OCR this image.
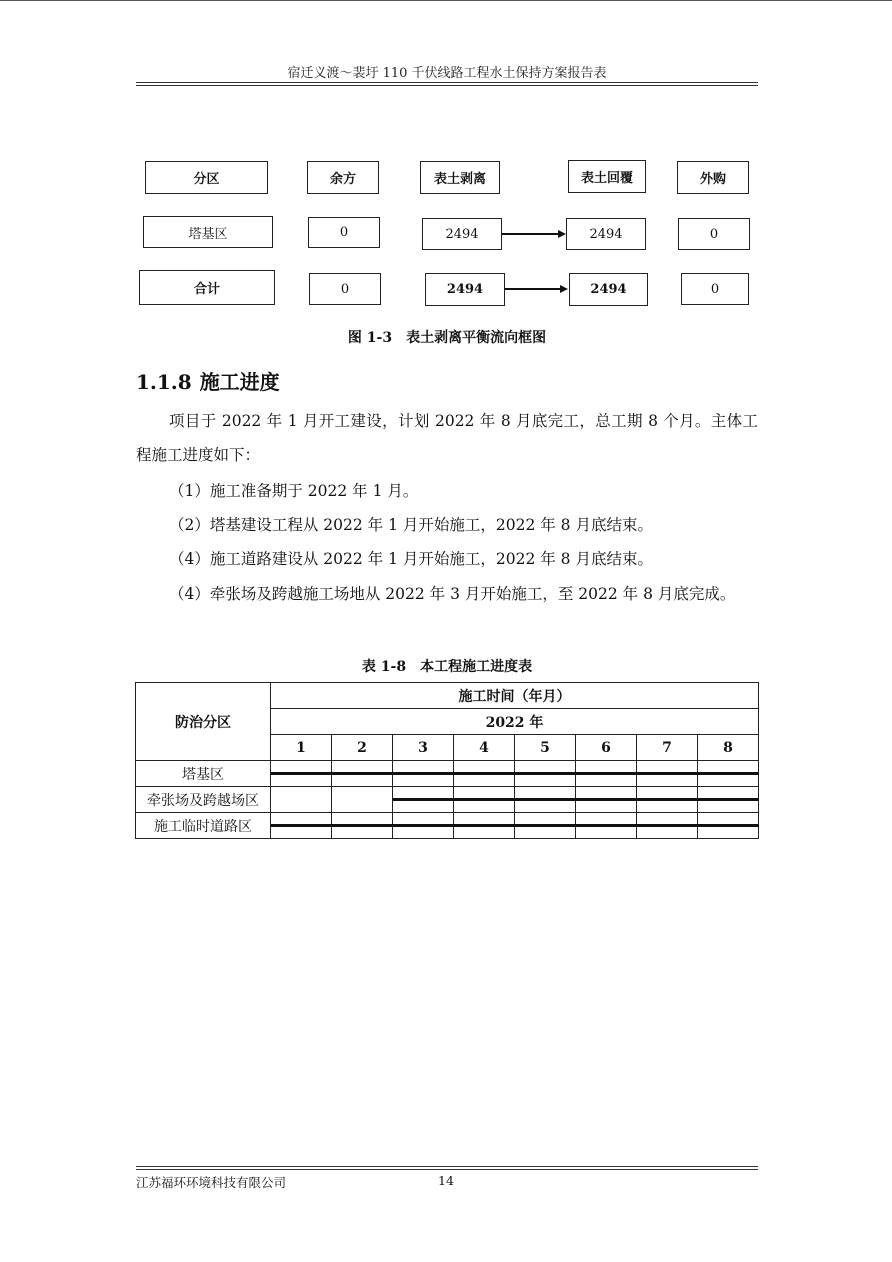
宿迁义渡～裴圩 110 千伏线路工程水土保持方案报告表
分区	余方	表土剥离	表土回覆	外购
塔基区	0	2494	2494	0
合计	0	2494	2494	0
图 1-3　表土剥离平衡流向框图
1.1.8 施工进度
项目于 2022 年 1 月开工建设，计划 2022 年 8 月底完工，总工期 8 个月。主体工程施工进度如下：
（1）施工准备期于 2022 年 1 月。
（2）塔基建设工程从 2022 年 1 月开始施工，2022 年 8 月底结束。
（4）施工道路建设从 2022 年 1 月开始施工，2022 年 8 月底结束。
（4）牵张场及跨越施工场地从 2022 年 3 月开始施工，至 2022 年 8 月底完成。
表 1-8　本工程施工进度表
防治分区	施工时间（年月）							
	2022 年							
	1	2	3	4	5	6	7	8
塔基区								
牵张场及跨越场区								
施工临时道路区								
江苏福环环境科技有限公司	14
